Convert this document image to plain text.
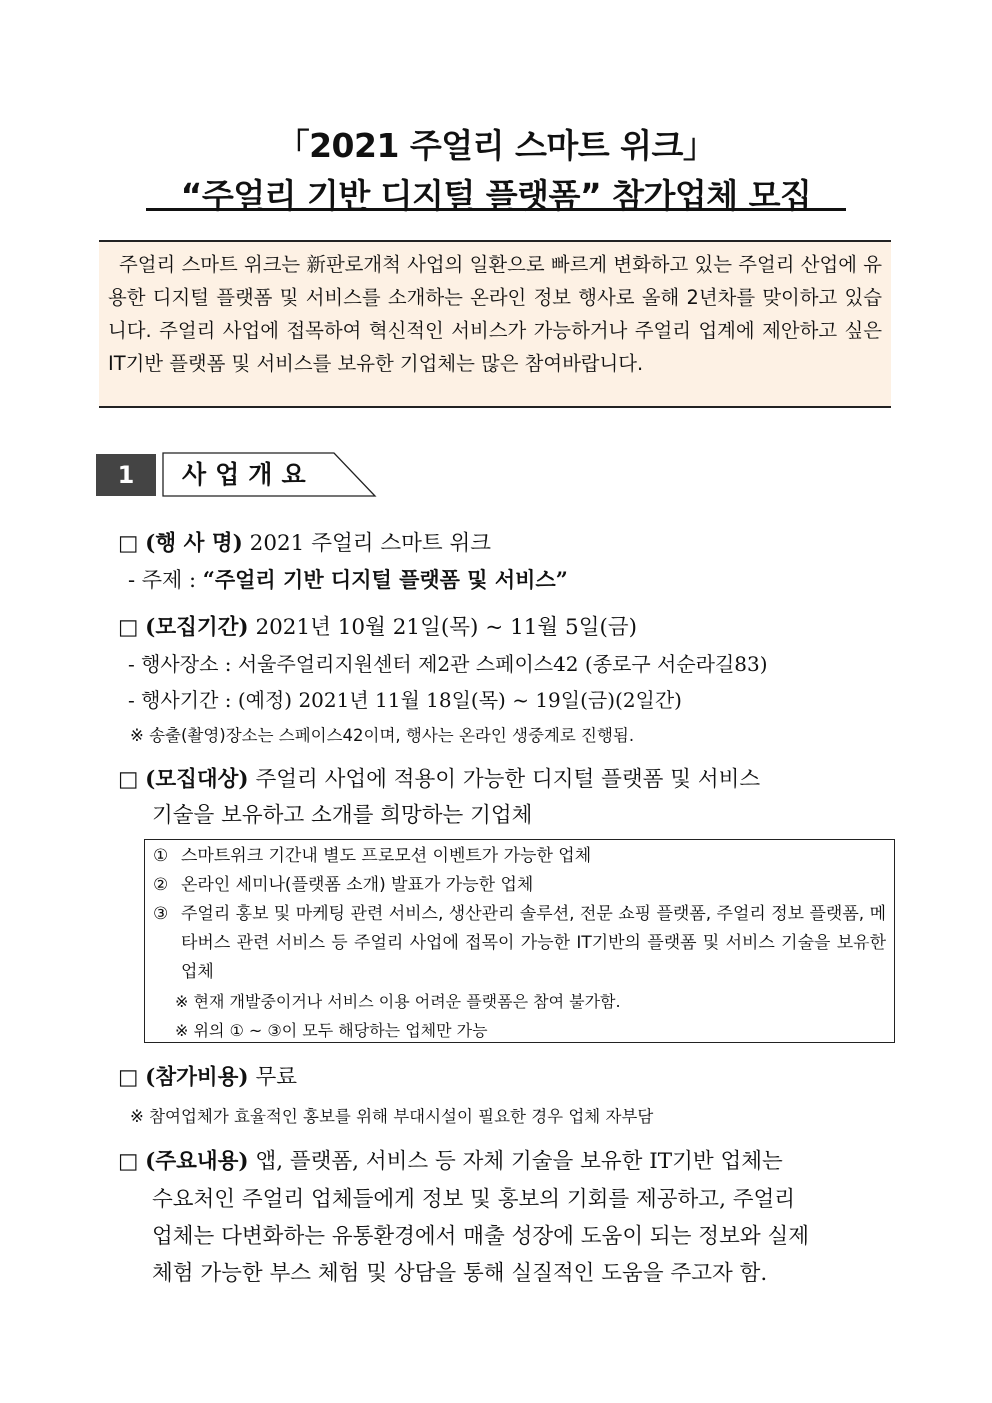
「2021 주얼리 스마트 위크」
“주얼리 기반 디지털 플랫폼” 참가업체 모집
주얼리 스마트 위크는 新판로개척 사업의 일환으로 빠르게 변화하고 있는 주얼리 산업에 유용한 디지털 플랫폼 및 서비스를 소개하는 온라인 정보 행사로 올해 2년차를 맞이하고 있습니다. 주얼리 사업에 접목하여 혁신적인 서비스가 가능하거나 주얼리 업계에 제안하고 싶은 IT기반 플랫폼 및 서비스를 보유한 기업체는 많은 참여바랍니다.
1	사업개요
□ (행 사 명) 2021 주얼리 스마트 위크
- 주제 : “주얼리 기반 디지털 플랫폼 및 서비스”
□ (모집기간) 2021년 10월 21일(목) ~ 11월 5일(금)
- 행사장소 : 서울주얼리지원센터 제2관 스페이스42 (종로구 서순라길83)
- 행사기간 : (예정) 2021년 11월 18일(목) ~ 19일(금)(2일간)
※ 송출(촬영)장소는 스페이스42이며, 행사는 온라인 생중계로 진행됨.
□ (모집대상) 주얼리 사업에 적용이 가능한 디지털 플랫폼 및 서비스
기술을 보유하고 소개를 희망하는 기업체
① 스마트위크 기간내 별도 프로모션 이벤트가 가능한 업체
② 온라인 세미나(플랫폼 소개) 발표가 가능한 업체
③ 주얼리 홍보 및 마케팅 관련 서비스, 생산관리 솔루션, 전문 쇼핑 플랫폼, 주얼리 정보 플랫폼, 메타버스 관련 서비스 등 주얼리 사업에 접목이 가능한 IT기반의 플랫폼 및 서비스 기술을 보유한 업체
※ 현재 개발중이거나 서비스 이용 어려운 플랫폼은 참여 불가함.
※ 위의 ① ~ ③이 모두 해당하는 업체만 가능
□ (참가비용) 무료
※ 참여업체가 효율적인 홍보를 위해 부대시설이 필요한 경우 업체 자부담
□ (주요내용) 앱, 플랫폼, 서비스 등 자체 기술을 보유한 IT기반 업체는
수요처인 주얼리 업체들에게 정보 및 홍보의 기회를 제공하고, 주얼리
업체는 다변화하는 유통환경에서 매출 성장에 도움이 되는 정보와 실제
체험 가능한 부스 체험 및 상담을 통해 실질적인 도움을 주고자 함.
